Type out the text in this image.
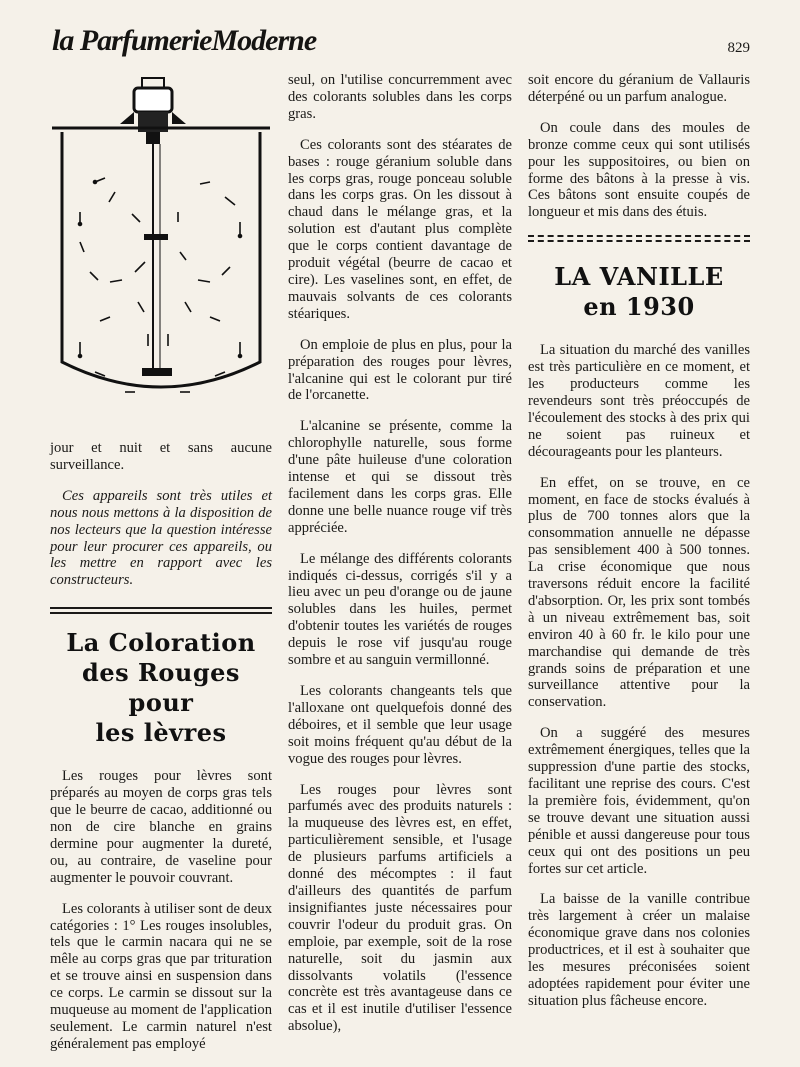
la ParfumerieModerne	829

jour et nuit et sans aucune surveillance.

Ces appareils sont très utiles et nous nous mettons à la disposition de nos lecteurs que la question intéresse pour leur procurer ces appareils, ou les mettre en rapport avec les constructeurs.

La Coloration
des Rouges pour
les lèvres

Les rouges pour lèvres sont préparés au moyen de corps gras tels que le beurre de cacao, additionné ou non de cire blanche en grains dermine pour augmenter la dureté, ou, au contraire, de vaseline pour augmenter le pouvoir couvrant.

Les colorants à utiliser sont de deux catégories : 1° Les rouges insolubles, tels que le carmin nacara qui ne se mêle au corps gras que par trituration et se trouve ainsi en suspension dans ce corps. Le carmin se dissout sur la muqueuse au moment de l'application seulement. Le carmin naturel n'est généralement pas employé

seul, on l'utilise concurremment avec des colorants solubles dans les corps gras.

Ces colorants sont des stéarates de bases : rouge géranium soluble dans les corps gras, rouge ponceau soluble dans les corps gras. On les dissout à chaud dans le mélange gras, et la solution est d'autant plus complète que le corps contient davantage de produit végétal (beurre de cacao et cire). Les vaselines sont, en effet, de mauvais solvants de ces colorants stéariques.

On emploie de plus en plus, pour la préparation des rouges pour lèvres, l'alcanine qui est le colorant pur tiré de l'orcanette.

L'alcanine se présente, comme la chlorophylle naturelle, sous forme d'une pâte huileuse d'une coloration intense et qui se dissout très facilement dans les corps gras. Elle donne une belle nuance rouge vif très appréciée.

Le mélange des différents colorants indiqués ci-dessus, corrigés s'il y a lieu avec un peu d'orange ou de jaune solubles dans les huiles, permet d'obtenir toutes les variétés de rouges depuis le rose vif jusqu'au rouge sombre et au sanguin vermillonné.

Les colorants changeants tels que l'alloxane ont quelquefois donné des déboires, et il semble que leur usage soit moins fréquent qu'au début de la vogue des rouges pour lèvres.

Les rouges pour lèvres sont parfumés avec des produits naturels : la muqueuse des lèvres est, en effet, particulièrement sensible, et l'usage de plusieurs parfums artificiels a donné des mécomptes : il faut d'ailleurs des quantités de parfum insignifiantes juste nécessaires pour couvrir l'odeur du produit gras. On emploie, par exemple, soit de la rose naturelle, soit du jasmin aux dissolvants volatils (l'essence concrète est très avantageuse dans ce cas et il est inutile d'utiliser l'essence absolue),

soit encore du géranium de Vallauris déterpéné ou un parfum analogue.

On coule dans des moules de bronze comme ceux qui sont utilisés pour les suppositoires, ou bien on forme des bâtons à la presse à vis. Ces bâtons sont ensuite coupés de longueur et mis dans des étuis.

LA VANILLE
en 1930

La situation du marché des vanilles est très particulière en ce moment, et les producteurs comme les revendeurs sont très préoccupés de l'écoulement des stocks à des prix qui ne soient pas ruineux et décourageants pour les planteurs.

En effet, on se trouve, en ce moment, en face de stocks évalués à plus de 700 tonnes alors que la consommation annuelle ne dépasse pas sensiblement 400 à 500 tonnes. La crise économique que nous traversons réduit encore la facilité d'absorption. Or, les prix sont tombés à un niveau extrêmement bas, soit environ 40 à 60 fr. le kilo pour une marchandise qui demande de très grands soins de préparation et une surveillance attentive pour la conservation.

On a suggéré des mesures extrêmement énergiques, telles que la suppression d'une partie des stocks, facilitant une reprise des cours. C'est la première fois, évidemment, qu'on se trouve devant une situation aussi pénible et aussi dangereuse pour tous ceux qui ont des positions un peu fortes sur cet article.

La baisse de la vanille contribue très largement à créer un malaise économique grave dans nos colonies productrices, et il est à souhaiter que les mesures préconisées soient adoptées rapidement pour éviter une situation plus fâcheuse encore.
